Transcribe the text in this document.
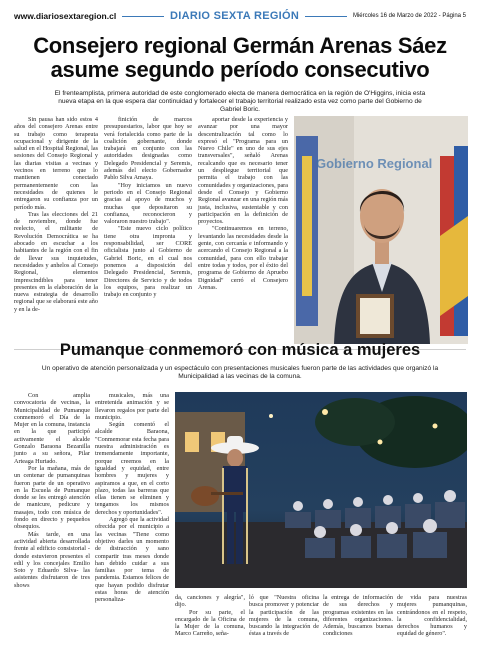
www.diariosextaregion.cl	DIARIO SEXTA REGIÓN	Miércoles 16 de Marzo de 2022 - Página 5
Consejero regional Germán Arenas Sáez asume segundo período consecutivo

El frenteamplista, primera autoridad de este conglomerado electa de manera democrática en la región de O'Higgins, inicia esta nueva etapa en la que espera dar continuidad y fortalecer el trabajo territorial realizado esta vez como parte del Gobierno de Gabriel Boric.

Sin pausa han sido estos 4 años del consejero Arenas entre su trabajo como terapeuta ocupacional y dirigente de la salud en el Hospital Regional, las sesiones del Consejo Regional y las diarias visitas a vecinas y vecinos en terreno que lo mantienen conectado permanentemente con las necesidades de quienes le entregaron su confianza por un período más.

Tras las elecciones del 21 de noviembre, donde fue reelecto, el militante de Revolución Democrática se ha abocado en escuchar a los habitantes de la región con el fin de llevar sus inquietudes, necesidades y anhelos al Consejo Regional, elementos imprescindibles para tener presentes en la elaboración de la nueva estrategia de desarrollo regional que se elaborará este año y en la de-

finición de marcos presupuestarios, labor que hoy se verá fortalecida como parte de la coalición gobernante, donde trabajará en conjunto con las autoridades designadas como Delegado Presidencial y Seremis, además del electo Gobernador Pablo Silva Amaya.

"Hoy iniciamos un nuevo periodo en el Consejo Regional gracias al apoyo de muchos y muchas que depositaron su confianza, reconocieron y valoraron nuestro trabajo".

"Este nuevo ciclo político tiene otra impronta y responsabilidad, ser CORE oficialista junto al Gobierno de Gabriel Boric, en el cual nos ponemos a disposición del Delegado Presidencial, Seremis, Directores de Servicio y de todos los equipos, para realizar un trabajo en conjunto y

aportar desde la experiencia y avanzar por una mayor descentralización tal como lo expresó el "Programa para un Nuevo Chile" en uno de sus ejes transversales", señaló Arenas recalcando que es necesario tener un despliegue territorial que permita el trabajo con las comunidades y organizaciones, para desde el Consejo y Gobierno Regional avanzar en una región más justa, inclusiva, sustentable y con participación en la definición de proyectos.

"Continuaremos en terreno, levantando las necesidades desde la gente, con cercanía e informando y acercando el Consejo Regional a la comunidad, para con ello trabajar entre todas y todos, por el éxito del programa de Gobierno de Apruebo Dignidad" cerró el Consejero Arenas.

Gobierno Regional
Pumanque conmemoró con música a mujeres

Un operativo de atención personalizada y un espectáculo con presentaciones musicales fueron parte de las actividades que organizó la Municipalidad a las vecinas de la comuna.

Con amplia convocatoria de vecinas, la Municipalidad de Pumanque conmemoró el Día de la Mujer en la comuna, instancia en la que participó activamente el alcalde Gonzalo Baraona Bezanilla junto a su señora, Pilar Arteaga Hurtado.

Por la mañana, más de un centenar de pumanquinas fueron parte de un operativo en la Escuela de Pumanque donde se les entregó atención de manicure, pedicure y masajes, todo con música de fondo en directo y pequeños obsequios.

Más tarde, en una actividad abierta desarrollada frente al edificio consistorial -donde estuvieron presentes el edil y los concejales Emilio Soto y Eduardo Silva- las asistentes disfrutaron de tres shows

musicales, más una entretenida animación y se llevaron regalos por parte del municipio.

Según comentó el alcalde Baraona, "Conmemorar esta fecha para nuestra administración es tremendamente importante, porque creemos en la igualdad y equidad, entre hombres y mujeres y aspiramos a que, en el corto plazo, todas las barreras que ellas tienen se eliminen y tengamos los mismos derechos y oportunidades".

Agregó que la actividad ofrecida por el municipio a las vecinas "Tiene como objetivo darles un momento de distracción y sano compartir tras meses donde han debido cuidar a sus familias por tema de pandemia. Estamos felices de que hayan podido disfrutar estas horas de atención personaliza-	da, canciones y alegría", dijo.

Por su parte, el encargado de la Oficina de la Mujer de la comuna, Marco Carreño, seña-

ló que "Nuestra oficina busca promover y potenciar la participación de las mujeres de la comuna, buscando la integración de éstas a través de

la entrega de información de sus derechos y programas existentes en las diferentes organizaciones. Además, buscamos buenas condiciones

de vida para nuestras mujeres pumanquinas, centrándonos en el respeto, la confidencialidad, derechos humanos y equidad de género".
